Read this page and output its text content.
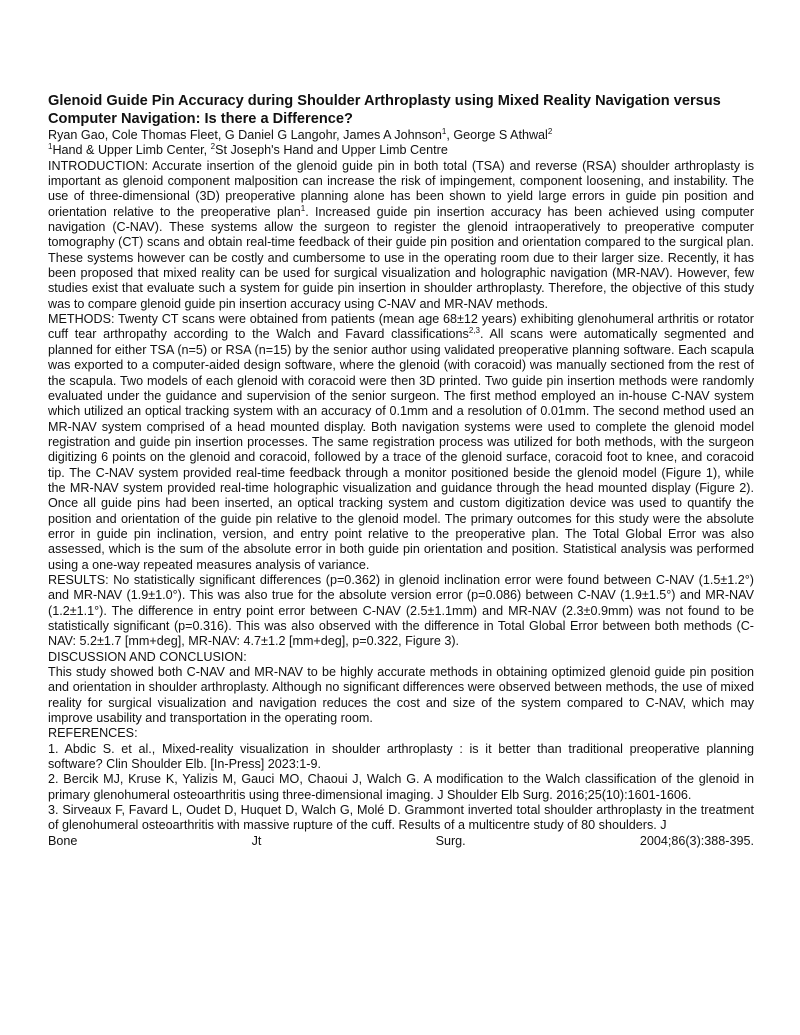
Glenoid Guide Pin Accuracy during Shoulder Arthroplasty using Mixed Reality Navigation versus Computer Navigation: Is there a Difference?

Ryan Gao, Cole Thomas Fleet, G Daniel G Langohr, James A Johnson$^1$, George S Athwal$^2$
$^1$Hand & Upper Limb Center, $^2$St Joseph's Hand and Upper Limb Centre

INTRODUCTION: Accurate insertion of the glenoid guide pin in both total (TSA) and reverse (RSA) shoulder arthroplasty is important as glenoid component malposition can increase the risk of impingement, component loosening, and instability. The use of three-dimensional (3D) preoperative planning alone has been shown to yield large errors in guide pin position and orientation relative to the preoperative plan$^1$. Increased guide pin insertion accuracy has been achieved using computer navigation (C-NAV). These systems allow the surgeon to register the glenoid intraoperatively to preoperative computer tomography (CT) scans and obtain real-time feedback of their guide pin position and orientation compared to the surgical plan. These systems however can be costly and cumbersome to use in the operating room due to their larger size. Recently, it has been proposed that mixed reality can be used for surgical visualization and holographic navigation (MR-NAV). However, few studies exist that evaluate such a system for guide pin insertion in shoulder arthroplasty. Therefore, the objective of this study was to compare glenoid guide pin insertion accuracy using C-NAV and MR-NAV methods.

METHODS: Twenty CT scans were obtained from patients (mean age 68±12 years) exhibiting glenohumeral arthritis or rotator cuff tear arthropathy according to the Walch and Favard classifications$^{2,3}$. All scans were automatically segmented and planned for either TSA (n=5) or RSA (n=15) by the senior author using validated preoperative planning software. Each scapula was exported to a computer-aided design software, where the glenoid (with coracoid) was manually sectioned from the rest of the scapula. Two models of each glenoid with coracoid were then 3D printed. Two guide pin insertion methods were randomly evaluated under the guidance and supervision of the senior surgeon. The first method employed an in-house C-NAV system which utilized an optical tracking system with an accuracy of 0.1mm and a resolution of 0.01mm. The second method used an MR-NAV system comprised of a head mounted display. Both navigation systems were used to complete the glenoid model registration and guide pin insertion processes. The same registration process was utilized for both methods, with the surgeon digitizing 6 points on the glenoid and coracoid, followed by a trace of the glenoid surface, coracoid foot to knee, and coracoid tip. The C-NAV system provided real-time feedback through a monitor positioned beside the glenoid model (Figure 1), while the MR-NAV system provided real-time holographic visualization and guidance through the head mounted display (Figure 2). Once all guide pins had been inserted, an optical tracking system and custom digitization device was used to quantify the position and orientation of the guide pin relative to the glenoid model. The primary outcomes for this study were the absolute error in guide pin inclination, version, and entry point relative to the preoperative plan. The Total Global Error was also assessed, which is the sum of the absolute error in both guide pin orientation and position. Statistical analysis was performed using a one-way repeated measures analysis of variance.

RESULTS: No statistically significant differences (p=0.362) in glenoid inclination error were found between C-NAV (1.5±1.2°) and MR-NAV (1.9±1.0°). This was also true for the absolute version error (p=0.086) between C-NAV (1.9±1.5°) and MR-NAV (1.2±1.1°). The difference in entry point error between C-NAV (2.5±1.1mm) and MR-NAV (2.3±0.9mm) was not found to be statistically significant (p=0.316). This was also observed with the difference in Total Global Error between both methods (C-NAV: 5.2±1.7 [mm+deg], MR-NAV: 4.7±1.2 [mm+deg], p=0.322, Figure 3).

DISCUSSION AND CONCLUSION:

This study showed both C-NAV and MR-NAV to be highly accurate methods in obtaining optimized glenoid guide pin position and orientation in shoulder arthroplasty. Although no significant differences were observed between methods, the use of mixed reality for surgical visualization and navigation reduces the cost and size of the system compared to C-NAV, which may improve usability and transportation in the operating room.

REFERENCES:

1. Abdic S. et al., Mixed-reality visualization in shoulder arthroplasty : is it better than traditional preoperative planning software? Clin Shoulder Elb. [In-Press] 2023:1-9.

2. Bercik MJ, Kruse K, Yalizis M, Gauci MO, Chaoui J, Walch G. A modification to the Walch classification of the glenoid in primary glenohumeral osteoarthritis using three-dimensional imaging. J Shoulder Elb Surg. 2016;25(10):1601-1606.

3. Sirveaux F, Favard L, Oudet D, Huquet D, Walch G, Molé D. Grammont inverted total shoulder arthroplasty in the treatment of glenohumeral osteoarthritis with massive rupture of the cuff. Results of a multicentre study of 80 shoulders. J

Bone	Jt	Surg.	2004;86(3):388-395.
